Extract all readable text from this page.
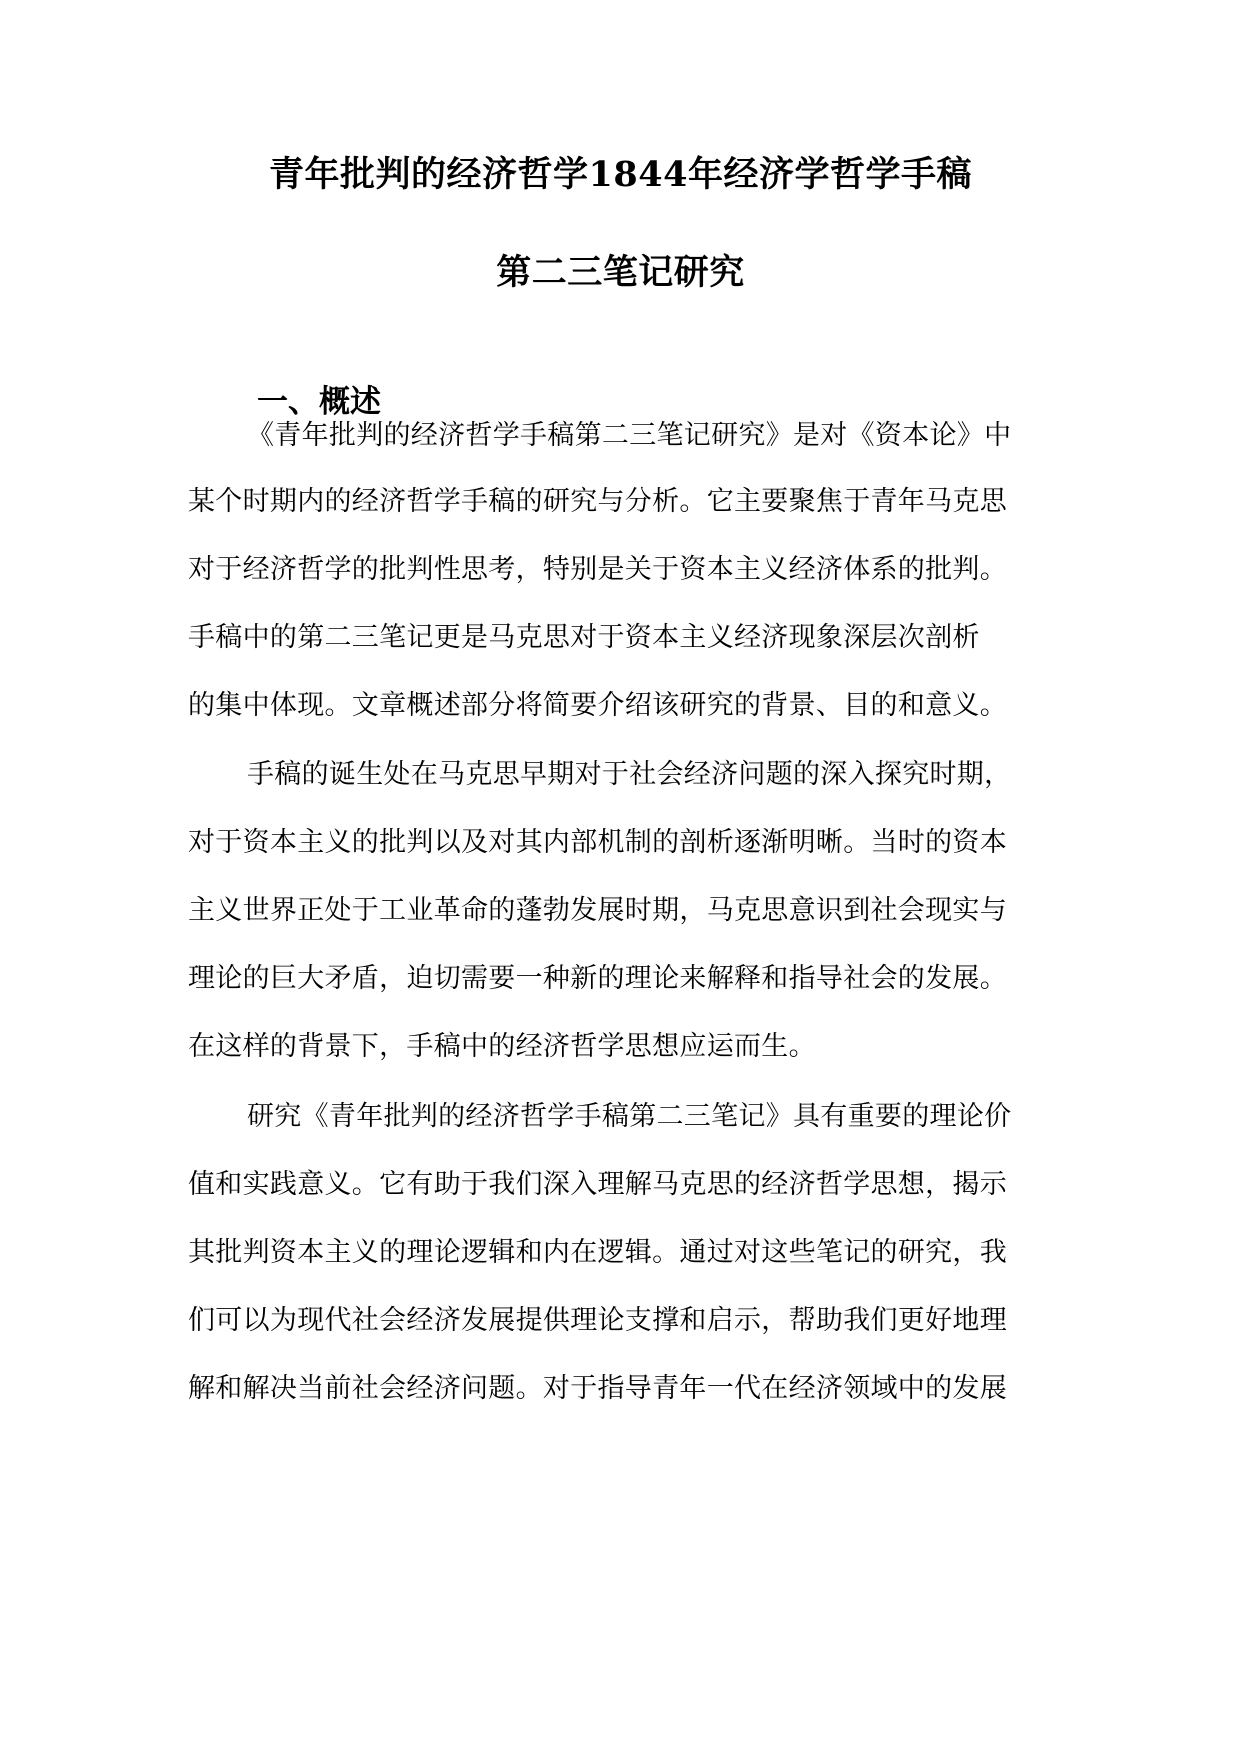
青年批判的经济哲学1844年经济学哲学手稿
第二三笔记研究
一、概述
《青年批判的经济哲学手稿第二三笔记研究》是对《资本论》中
某个时期内的经济哲学手稿的研究与分析。它主要聚焦于青年马克思
对于经济哲学的批判性思考，特别是关于资本主义经济体系的批判。
手稿中的第二三笔记更是马克思对于资本主义经济现象深层次剖析
的集中体现。文章概述部分将简要介绍该研究的背景、目的和意义。
手稿的诞生处在马克思早期对于社会经济问题的深入探究时期，
对于资本主义的批判以及对其内部机制的剖析逐渐明晰。当时的资本
主义世界正处于工业革命的蓬勃发展时期，马克思意识到社会现实与
理论的巨大矛盾，迫切需要一种新的理论来解释和指导社会的发展。
在这样的背景下，手稿中的经济哲学思想应运而生。
研究《青年批判的经济哲学手稿第二三笔记》具有重要的理论价
值和实践意义。它有助于我们深入理解马克思的经济哲学思想，揭示
其批判资本主义的理论逻辑和内在逻辑。通过对这些笔记的研究，我
们可以为现代社会经济发展提供理论支撑和启示，帮助我们更好地理
解和解决当前社会经济问题。对于指导青年一代在经济领域中的发展
